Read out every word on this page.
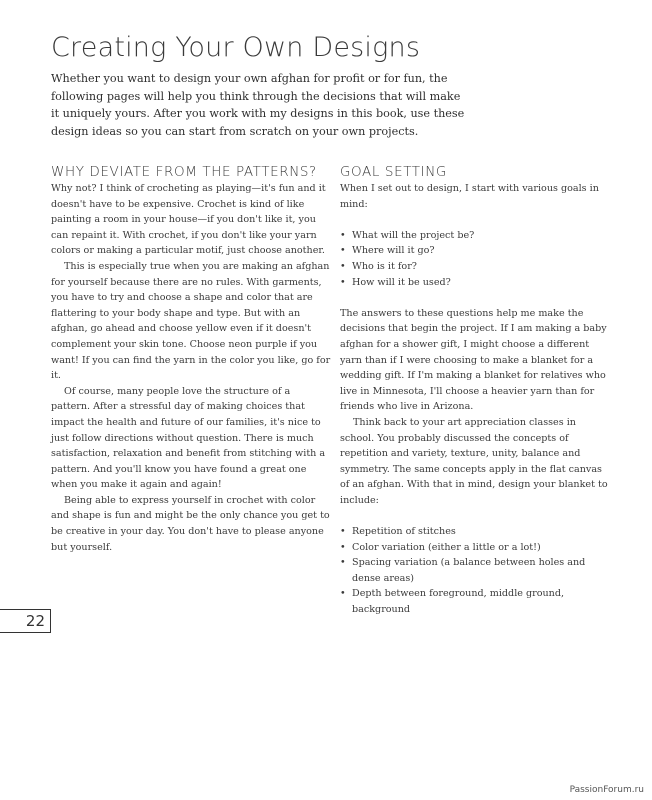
Creating Your Own Designs

Whether you want to design your own afghan for profit or for fun, the following pages will help you think through the decisions that will make it uniquely yours. After you work with my designs in this book, use these design ideas so you can start from scratch on your own projects.

WHY DEVIATE FROM THE PATTERNS?

Why not? I think of crocheting as playing—it's fun and it doesn't have to be expensive. Crochet is kind of like painting a room in your house—if you don't like it, you can repaint it. With crochet, if you don't like your yarn colors or making a particular motif, just choose another.

This is especially true when you are making an afghan for yourself because there are no rules. With garments, you have to try and choose a shape and color that are flattering to your body shape and type. But with an afghan, go ahead and choose yellow even if it doesn't complement your skin tone. Choose neon purple if you want! If you can find the yarn in the color you like, go for it.

Of course, many people love the structure of a pattern. After a stressful day of making choices that impact the health and future of our families, it's nice to just follow directions without question. There is much satisfaction, relaxation and benefit from stitching with a pattern. And you'll know you have found a great one when you make it again and again!

Being able to express yourself in crochet with color and shape is fun and might be the only chance you get to be creative in your day. You don't have to please anyone but yourself.

GOAL SETTING

When I set out to design, I start with various goals in mind:

• What will the project be?
• Where will it go?
• Who is it for?
• How will it be used?

The answers to these questions help me make the decisions that begin the project. If I am making a baby afghan for a shower gift, I might choose a different yarn than if I were choosing to make a blanket for a wedding gift. If I'm making a blanket for relatives who live in Minnesota, I'll choose a heavier yarn than for friends who live in Arizona.

Think back to your art appreciation classes in school. You probably discussed the concepts of repetition and variety, texture, unity, balance and symmetry. The same concepts apply in the flat canvas of an afghan. With that in mind, design your blanket to include:

• Repetition of stitches
• Color variation (either a little or a lot!)
• Spacing variation (a balance between holes and dense areas)
• Depth between foreground, middle ground, background
22
PassionForum.ru
